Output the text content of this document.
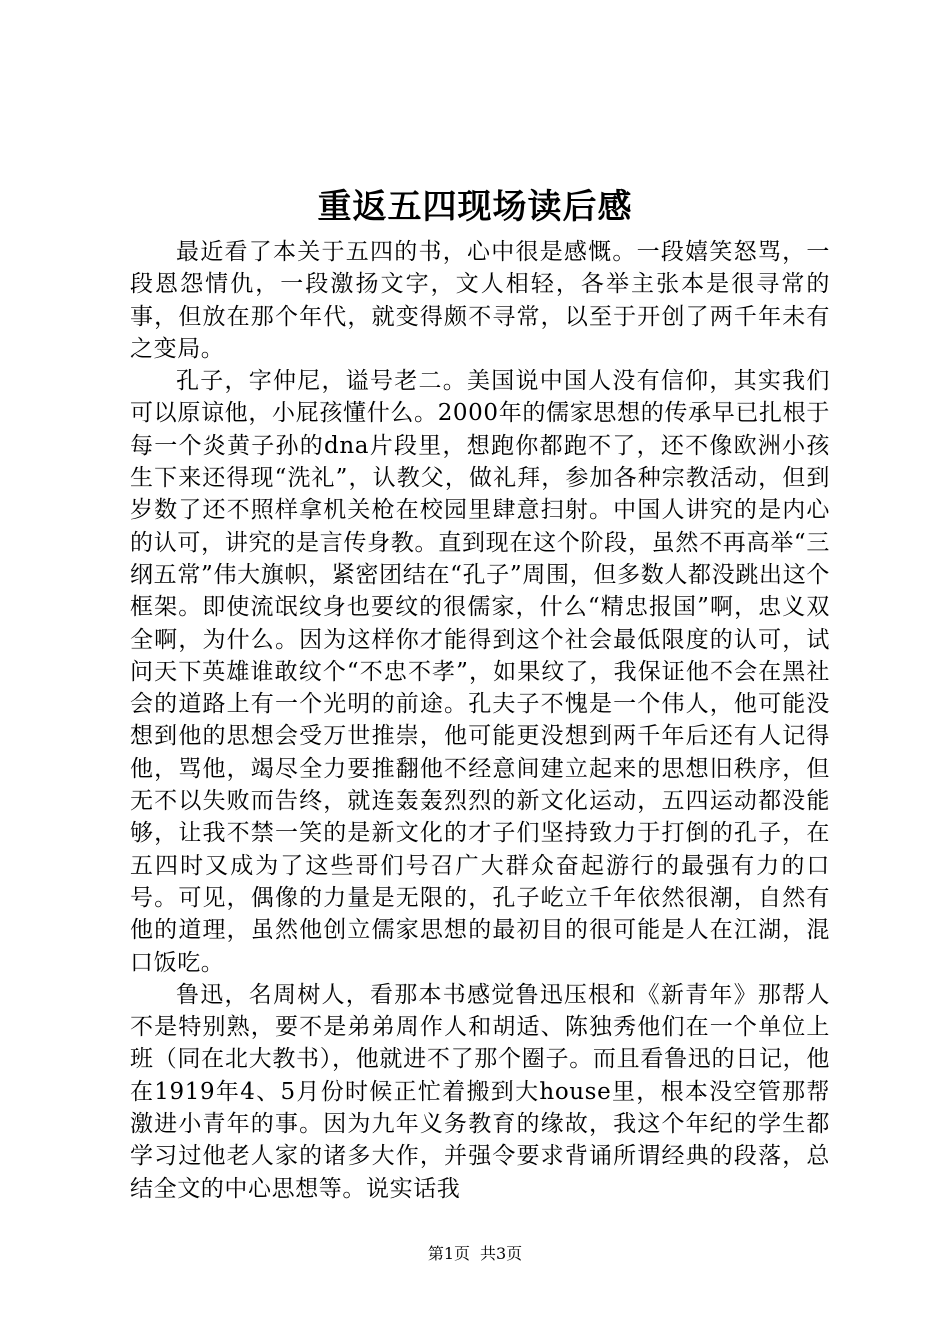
重返五四现场读后感

最近看了本关于五四的书，心中很是感慨。一段嬉笑怒骂，一段恩怨情仇，一段激扬文字，文人相轻，各举主张本是很寻常的事，但放在那个年代，就变得颇不寻常，以至于开创了两千年未有之变局。

孔子，字仲尼，谥号老二。美国说中国人没有信仰，其实我们可以原谅他，小屁孩懂什么。2000年的儒家思想的传承早已扎根于每一个炎黄子孙的dna片段里，想跑你都跑不了，还不像欧洲小孩生下来还得现“洗礼”，认教父，做礼拜，参加各种宗教活动，但到岁数了还不照样拿机关枪在校园里肆意扫射。中国人讲究的是内心的认可，讲究的是言传身教。直到现在这个阶段，虽然不再高举“三纲五常”伟大旗帜，紧密团结在“孔子”周围，但多数人都没跳出这个框架。即使流氓纹身也要纹的很儒家，什么“精忠报国”啊，忠义双全啊，为什么。因为这样你才能得到这个社会最低限度的认可，试问天下英雄谁敢纹个“不忠不孝”，如果纹了，我保证他不会在黑社会的道路上有一个光明的前途。孔夫子不愧是一个伟人，他可能没想到他的思想会受万世推崇，他可能更没想到两千年后还有人记得他，骂他，竭尽全力要推翻他不经意间建立起来的思想旧秩序，但无不以失败而告终，就连轰轰烈烈的新文化运动，五四运动都没能够，让我不禁一笑的是新文化的才子们坚持致力于打倒的孔子，在五四时又成为了这些哥们号召广大群众奋起游行的最强有力的口号。可见，偶像的力量是无限的，孔子屹立千年依然很潮，自然有他的道理，虽然他创立儒家思想的最初目的很可能是人在江湖，混口饭吃。

鲁迅，名周树人，看那本书感觉鲁迅压根和《新青年》那帮人不是特别熟，要不是弟弟周作人和胡适、陈独秀他们在一个单位上班（同在北大教书），他就进不了那个圈子。而且看鲁迅的日记，他在1919年4、5月份时候正忙着搬到大house里，根本没空管那帮激进小青年的事。因为九年义务教育的缘故，我这个年纪的学生都学习过他老人家的诸多大作，并强令要求背诵所谓经典的段落，总结全文的中心思想等。说实话我

第1页 共3页
